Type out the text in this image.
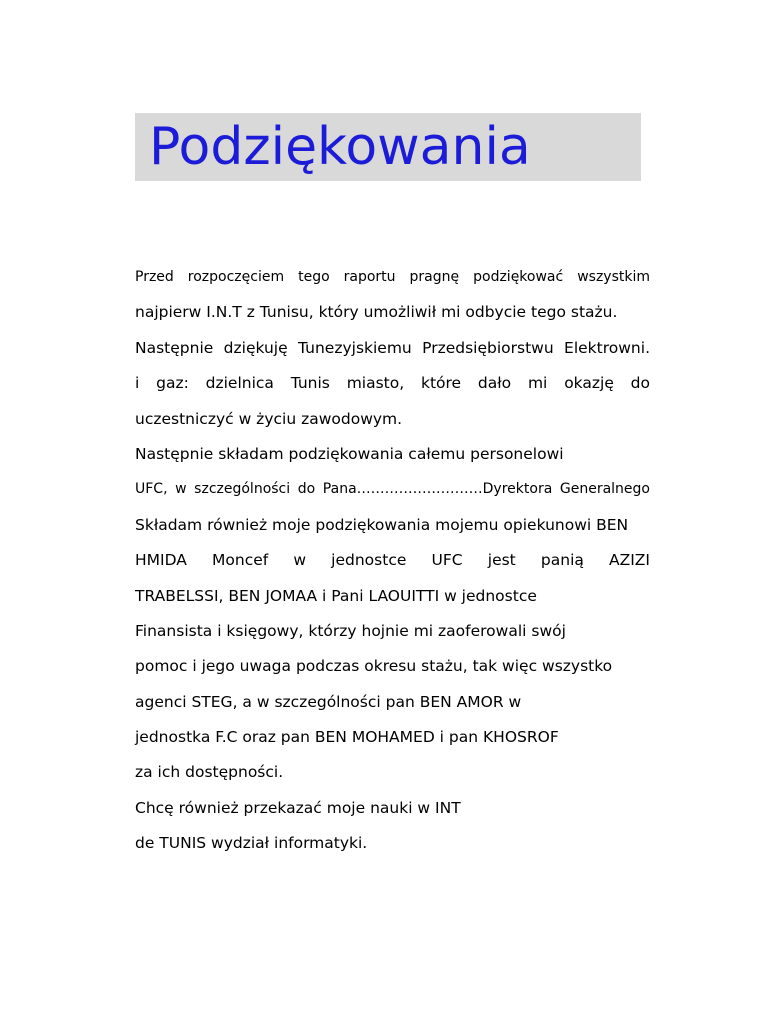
Podziękowania
Przed rozpoczęciem tego raportu pragnę podziękować wszystkim
najpierw I.N.T z Tunisu, który umożliwił mi odbycie tego stażu.
Następnie dziękuję Tunezyjskiemu Przedsiębiorstwu Elektrowni.
i gaz: dzielnica Tunis miasto, które dało mi okazję do
uczestniczyć w życiu zawodowym.
Następnie składam podziękowania całemu personelowi
UFC, w szczególności do Pana………………………Dyrektora Generalnego
Składam również moje podziękowania mojemu opiekunowi BEN
HMIDA Moncef w jednostce UFC jest panią AZIZI
TRABELSSI, BEN JOMAA i Pani LAOUITTI w jednostce
Finansista i księgowy, którzy hojnie mi zaoferowali swój
pomoc i jego uwaga podczas okresu stażu, tak więc wszystko
agenci STEG, a w szczególności pan BEN AMOR w
jednostka F.C oraz pan BEN MOHAMED i pan KHOSROF
za ich dostępności.
Chcę również przekazać moje nauki w INT
de TUNIS wydział informatyki.
